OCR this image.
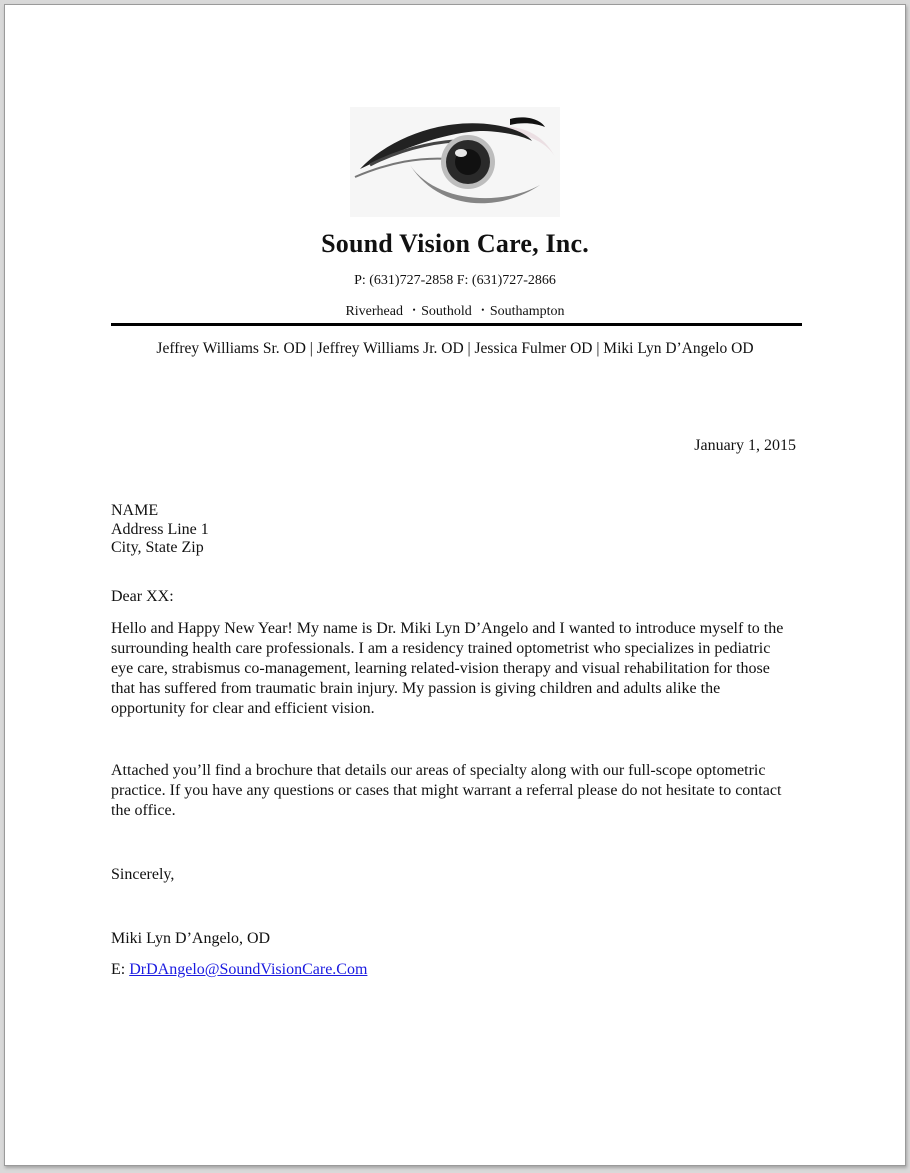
Sound Vision Care, Inc.
P: (631)727-2858 F: (631)727-2866
Riverhead • Southold • Southampton
Jeffrey Williams Sr. OD | Jeffrey Williams Jr. OD | Jessica Fulmer OD | Miki Lyn D’Angelo OD
January 1, 2015
NAME
Address Line 1
City, State Zip
Dear XX:
Hello and Happy New Year! My name is Dr. Miki Lyn D’Angelo and I wanted to introduce myself to the
surrounding health care professionals. I am a residency trained optometrist who specializes in pediatric
eye care, strabismus co-management, learning related-vision therapy and visual rehabilitation for those
that has suffered from traumatic brain injury. My passion is giving children and adults alike the
opportunity for clear and efficient vision.
Attached you’ll find a brochure that details our areas of specialty along with our full-scope optometric
practice. If you have any questions or cases that might warrant a referral please do not hesitate to contact
the office.
Sincerely,
Miki Lyn D’Angelo, OD
E: DrDAngelo@SoundVisionCare.Com
